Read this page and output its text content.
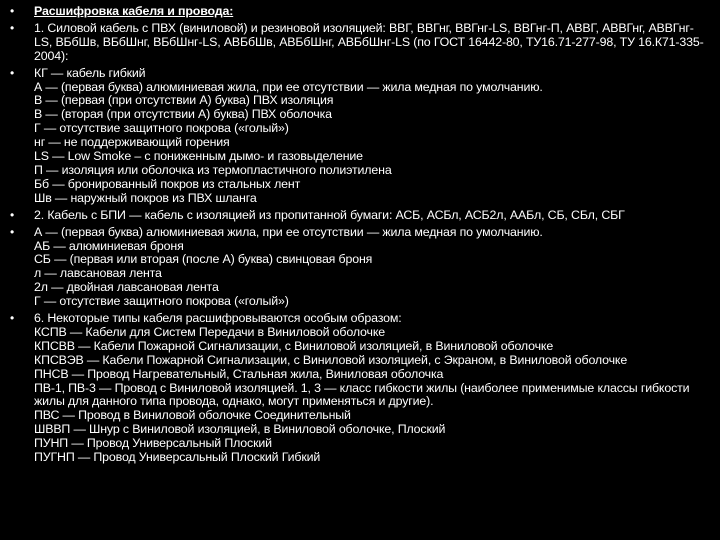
• Расшифровка кабеля и провода:
• 1. Силовой кабель с ПВХ (виниловой) и резиновой изоляцией: ВВГ, ВВГнг, ВВГнг-LS, ВВГнг-П, АВВГ, АВВГнг, АВВГнг-LS, ВБбШв, ВБбШнг, ВБбШнг-LS, АВБбШв, АВБбШнг, АВБбШнг-LS (по ГОСТ 16442-80, ТУ16.71-277-98, ТУ 16.К71-335-2004):
• КГ — кабель гибкий
А — (первая буква) алюминиевая жила, при ее отсутствии — жила медная по умолчанию.
В — (первая (при отсутствии А) буква) ПВХ изоляция
В — (вторая (при отсутствии А) буква) ПВХ оболочка
Г — отсутствие защитного покрова («голый»)
нг — не поддерживающий горения
LS — Low Smoke – с пониженным дымо- и газовыделение
П — изоляция или оболочка из термопластичного полиэтилена
Бб — бронированный покров из стальных лент
Шв — наружный покров из ПВХ шланга
• 2. Кабель с БПИ — кабель с изоляцией из пропитанной бумаги: АСБ, АСБл, АСБ2л, ААБл, СБ, СБл, СБГ
• А — (первая буква) алюминиевая жила, при ее отсутствии — жила медная по умолчанию.
АБ — алюминиевая броня
СБ — (первая или вторая (после А) буква) свинцовая броня
л — лавсановая лента
2л — двойная лавсановая лента
Г — отсутствие защитного покрова («голый»)
• 6. Некоторые типы кабеля расшифровываются особым образом:
КСПВ — Кабели для Систем Передачи в Виниловой оболочке
КПСВВ — Кабели Пожарной Сигнализации, с Виниловой изоляцией, в Виниловой оболочке
КПСВЭВ — Кабели Пожарной Сигнализации, с Виниловой изоляцией, с Экраном, в Виниловой оболочке
ПНСВ — Провод Нагревательный, Стальная жила, Виниловая оболочка
ПВ-1, ПВ-3 — Провод с Виниловой изоляцией. 1, 3 — класс гибкости жилы (наиболее применимые классы гибкости жилы для данного типа провода, однако, могут применяться и другие).
ПВС — Провод в Виниловой оболочке Соединительный
ШВВП — Шнур с Виниловой изоляцией, в Виниловой оболочке, Плоский
ПУНП — Провод Универсальный Плоский
ПУГНП — Провод Универсальный Плоский Гибкий
